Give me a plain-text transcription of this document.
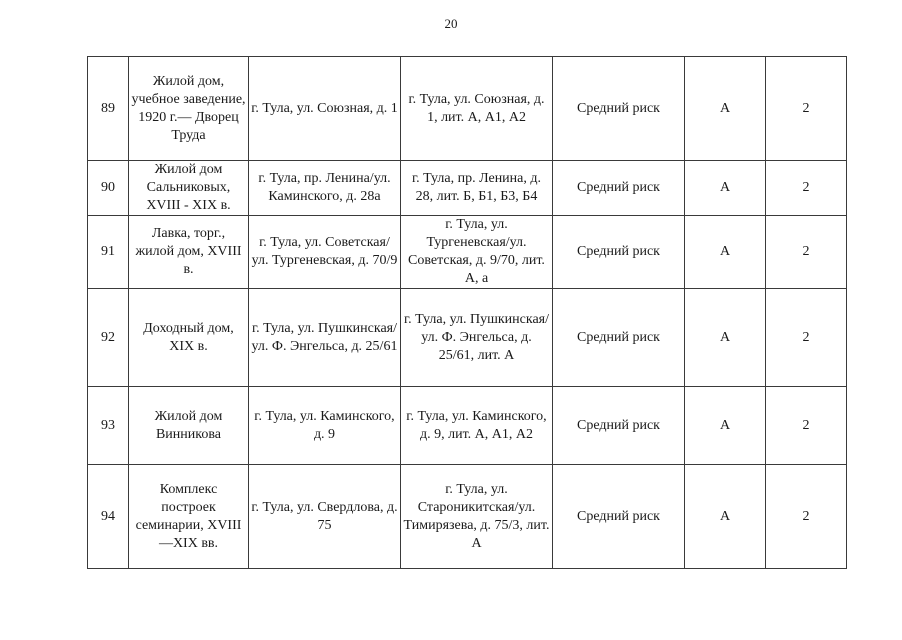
20
89	Жилой дом, учебное заведение, 1920 г.— Дворец Труда	г. Тула, ул. Союзная, д. 1	г. Тула, ул. Союзная, д. 1, лит. А, А1, А2	Средний риск	А	2
90	Жилой дом Сальниковых, XVIII - XIX в.	г. Тула, пр. Ленина/ул. Каминского, д. 28а	г. Тула, пр. Ленина, д. 28, лит. Б, Б1, Б3, Б4	Средний риск	А	2
91	Лавка, торг., жилой дом, XVIII в.	г. Тула, ул. Советская/ул. Тургеневская, д. 70/9	г. Тула, ул. Тургеневская/ул. Советская, д. 9/70, лит. А, а	Средний риск	А	2
92	Доходный дом, XIX в.	г. Тула, ул. Пушкинская/ул. Ф. Энгельса, д. 25/61	г. Тула, ул. Пушкинская/ул. Ф. Энгельса, д. 25/61, лит. А	Средний риск	А	2
93	Жилой дом Винникова	г. Тула, ул. Каминского, д. 9	г. Тула, ул. Каминского, д. 9, лит. А, А1, А2	Средний риск	А	2
94	Комплекс построек семинарии, XVIII—XIX вв.	г. Тула, ул. Свердлова, д. 75	г. Тула, ул. Староникитская/ул. Тимирязева, д. 75/3, лит. А	Средний риск	А	2
